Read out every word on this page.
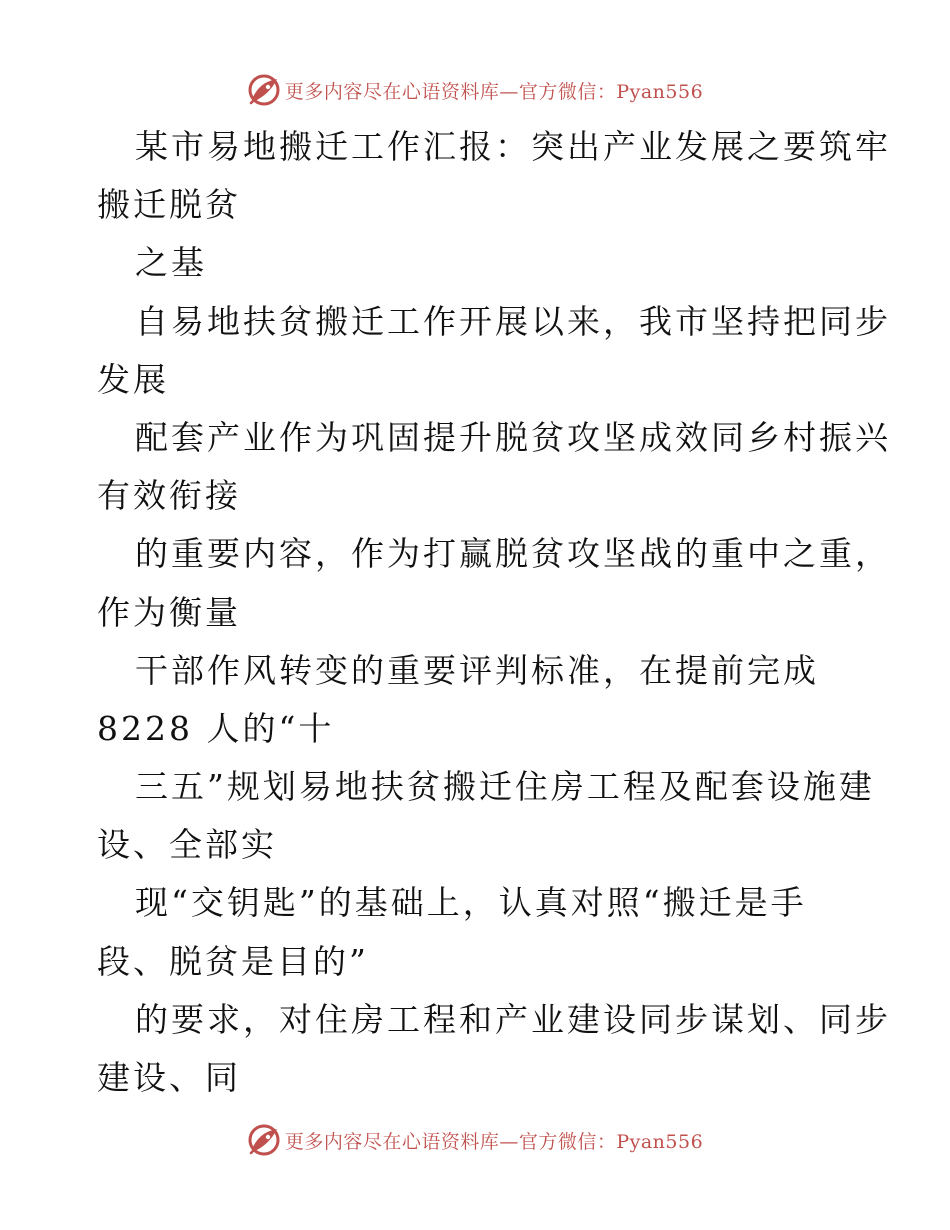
更多内容尽在心语资料库—官方微信：Pyan556
某市易地搬迁工作汇报：突出产业发展之要筑牢
搬迁脱贫
之基
自易地扶贫搬迁工作开展以来，我市坚持把同步
发展
配套产业作为巩固提升脱贫攻坚成效同乡村振兴
有效衔接
的重要内容，作为打赢脱贫攻坚战的重中之重，
作为衡量
干部作风转变的重要评判标准，在提前完成
8228 人的“十
三五”规划易地扶贫搬迁住房工程及配套设施建
设、全部实
现“交钥匙”的基础上，认真对照“搬迁是手
段、脱贫是目的”
的要求，对住房工程和产业建设同步谋划、同步
建设、同
更多内容尽在心语资料库—官方微信：Pyan556
